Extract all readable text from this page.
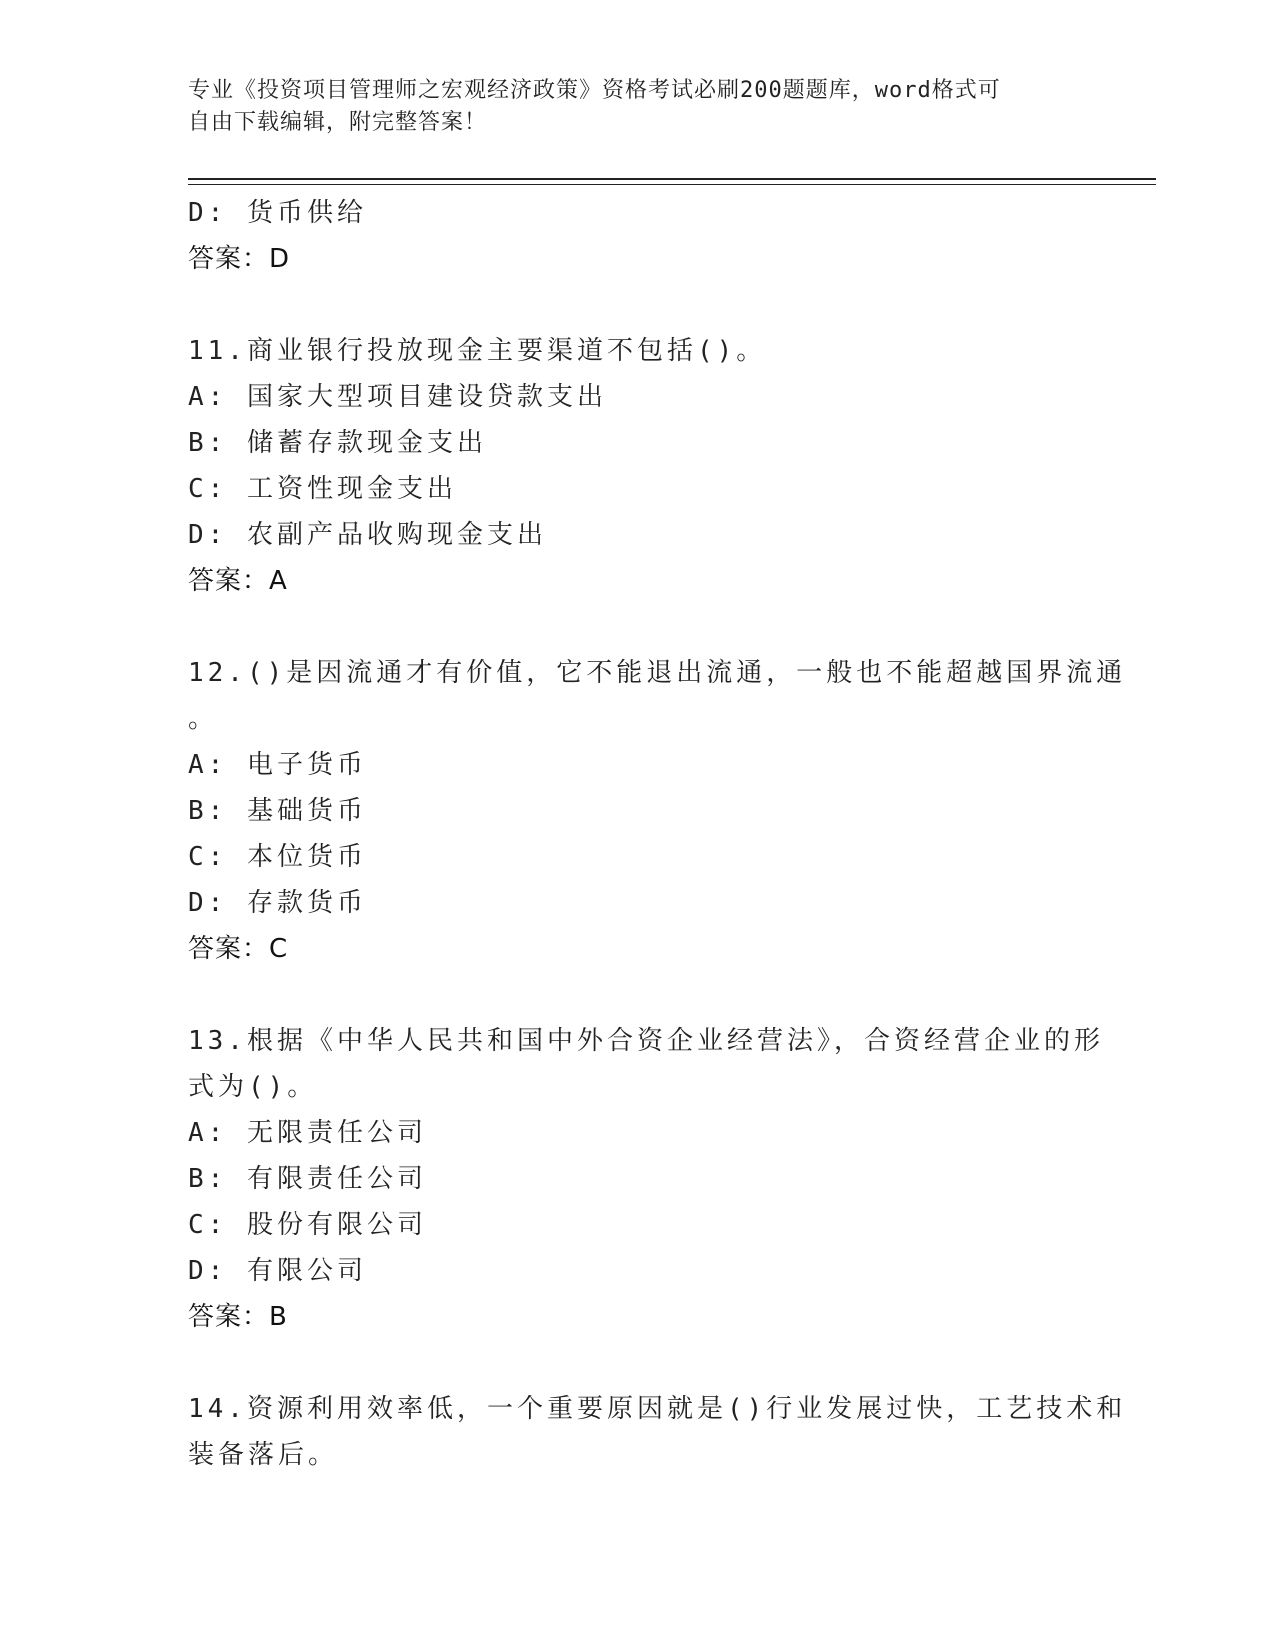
专业《投资项目管理师之宏观经济政策》资格考试必刷200题题库，word格式可
自由下载编辑，附完整答案！
D: 货币供给
答案：D
11.商业银行投放现金主要渠道不包括()。
A: 国家大型项目建设贷款支出
B: 储蓄存款现金支出
C: 工资性现金支出
D: 农副产品收购现金支出
答案：A
12.()是因流通才有价值，它不能退出流通，一般也不能超越国界流通
。
A: 电子货币
B: 基础货币
C: 本位货币
D: 存款货币
答案：C
13.根据《中华人民共和国中外合资企业经营法》，合资经营企业的形
式为()。
A: 无限责任公司
B: 有限责任公司
C: 股份有限公司
D: 有限公司
答案：B
14.资源利用效率低，一个重要原因就是()行业发展过快，工艺技术和
装备落后。
